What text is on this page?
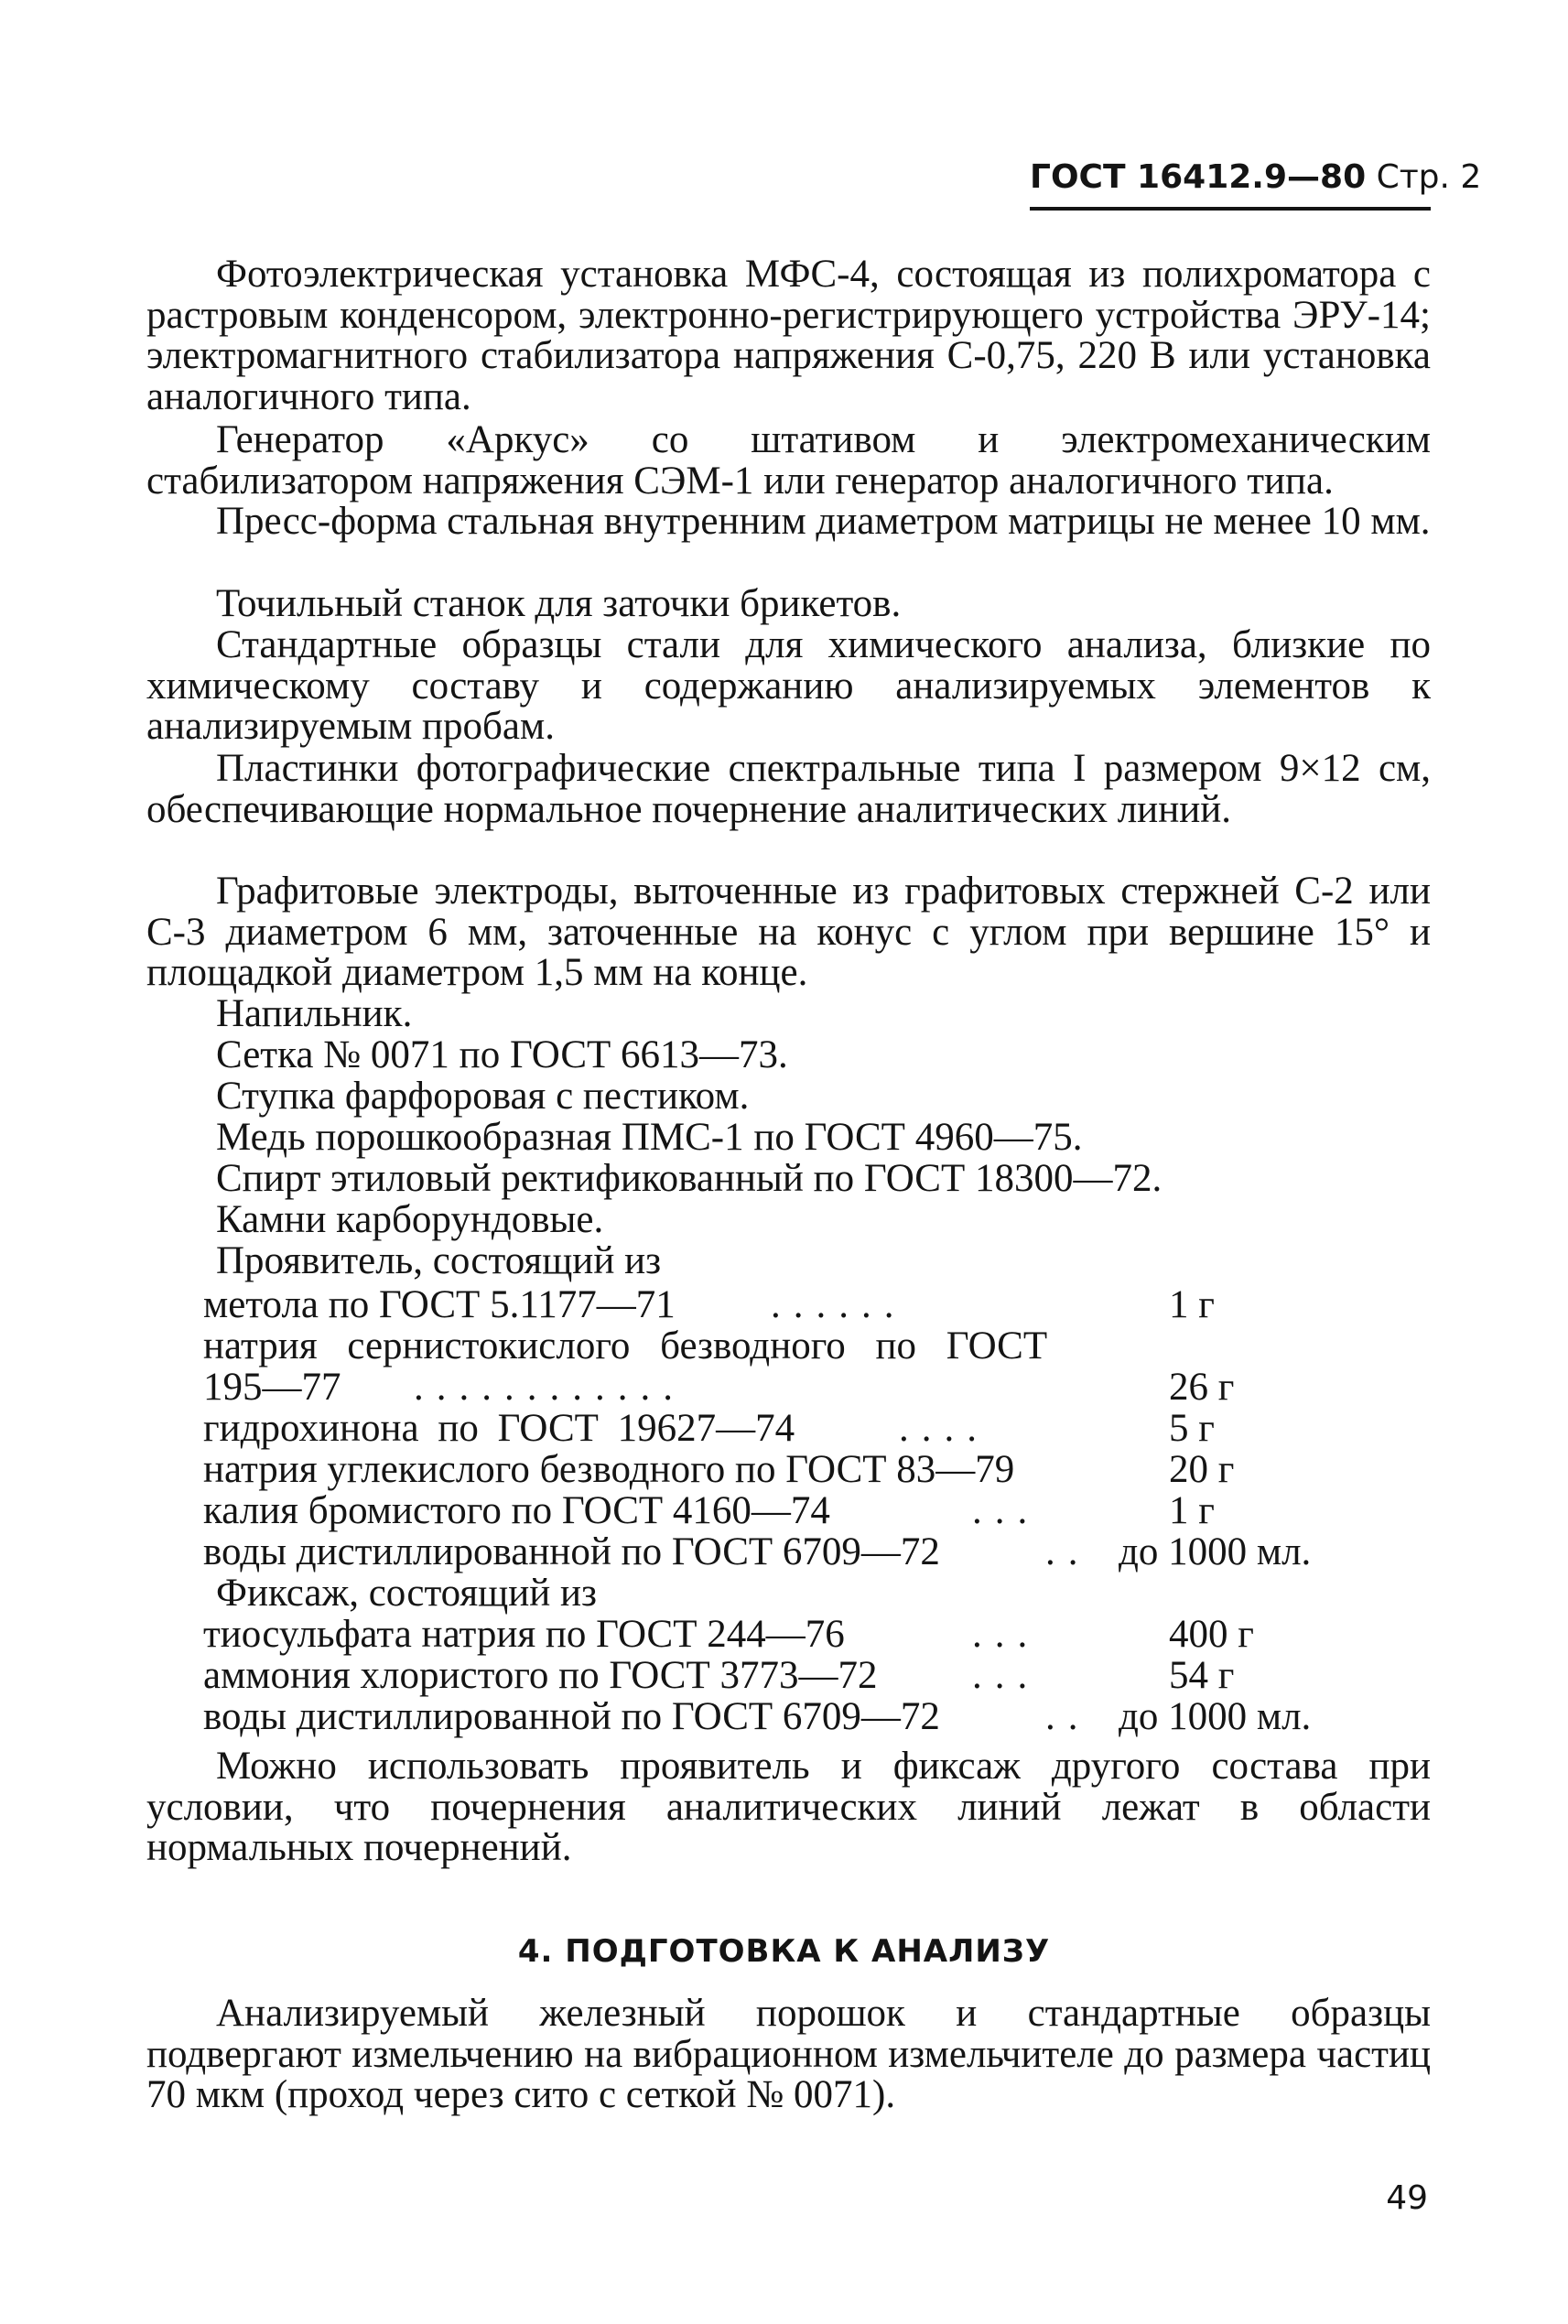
ГОСТ 16412.9—80 Стр. 2

Фотоэлектрическая установка МФС-4, состоящая из полихроматора с растровым конденсором, электронно-регистрирующего устройства ЭРУ-14; электромагнитного стабилизатора напряжения С-0,75, 220 В или установка аналогичного типа.

Генератор «Аркус» со штативом и электромеханическим стабилизатором напряжения СЭМ-1 или генератор аналогичного типа.

Пресс-форма стальная внутренним диаметром матрицы не менее 10 мм.

Точильный станок для заточки брикетов.

Стандартные образцы стали для химического анализа, близкие по химическому составу и содержанию анализируемых элементов к анализируемым пробам.

Пластинки фотографические спектральные типа I размером 9×12 см, обеспечивающие нормальное почернение аналитических линий.

Графитовые электроды, выточенные из графитовых стержней С-2 или С-3 диаметром 6 мм, заточенные на конус с углом при вершине 15° и площадкой диаметром 1,5 мм на конце.

Напильник.

Сетка № 0071 по ГОСТ 6613—73.

Ступка фарфоровая с пестиком.

Медь порошкообразная ПМС-1 по ГОСТ 4960—75.

Спирт этиловый ректификованный по ГОСТ 18300—72.

Камни карборундовые.

Проявитель, состоящий из

метола по ГОСТ 5.1177—71 ......	1 г
натрия сернистокислого безводного по ГОСТ
195—77 ............	26 г
гидрохинона по ГОСТ 19627—74	....	5 г
натрия углекислого безводного по ГОСТ 83—79	20 г
калия бромистого по ГОСТ 4160—74	...	1 г
воды дистиллированной по ГОСТ 6709—72	.. до 1000 мл.

Фиксаж, состоящий из

тиосульфата натрия по ГОСТ 244—76	...	400 г
аммония хлористого по ГОСТ 3773—72 ...	54 г
воды дистиллированной по ГОСТ 6709—72	.. до 1000 мл.

Можно использовать проявитель и фиксаж другого состава при условии, что почернения аналитических линий лежат в области нормальных почернений.

4. ПОДГОТОВКА К АНАЛИЗУ

Анализируемый железный порошок и стандартные образцы подвергают измельчению на вибрационном измельчителе до размера частиц 70 мкм (проход через сито с сеткой № 0071).

49
